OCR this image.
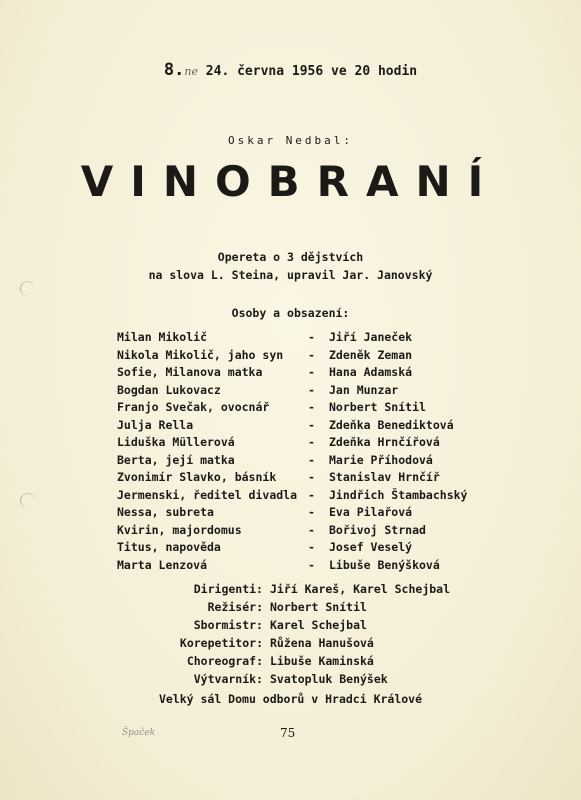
8.ne 24. června 1956 ve 20 hodin
Oskar Nedbal:
VINOBRANÍ
Opereta o 3 dějstvích
na slova L. Steina, upravil Jar. Janovský
Osoby a obsazení:
Milan Mikolič	- Jiří Janeček
Nikola Mikolič, jaho syn - Zdeněk Zeman
Sofie, Milanova matka	- Hana Adamská
Bogdan Lukovacz	- Jan Munzar
Franjo Svečak, ovocnář	- Norbert Snítil
Julja Rella	- Zdeňka Benediktová
Liduška Müllerová	- Zdeňka Hrnčířová
Berta, její matka	- Marie Příhodová
Zvonimír Slavko, básník	- Stanislav Hrnčíř
Jermenski, ředitel divadla - Jindřich Štambachský
Nessa, subreta	- Eva Pilařová
Kvirin, majordomus	- Bořivoj Strnad
Titus, napověda	- Josef Veselý
Marta Lenzová	- Libuše Benýšková
Dirigenti: Jiří Kareš, Karel Schejbal
Režisér: Norbert Snítil
Sbormistr: Karel Schejbal
Korepetitor: Růžena Hanušová
Choreograf: Libuše Kaminská
Výtvarník: Svatopluk Benýšek
Velký sál Domu odborů v Hradci Králové
Špaček	75
